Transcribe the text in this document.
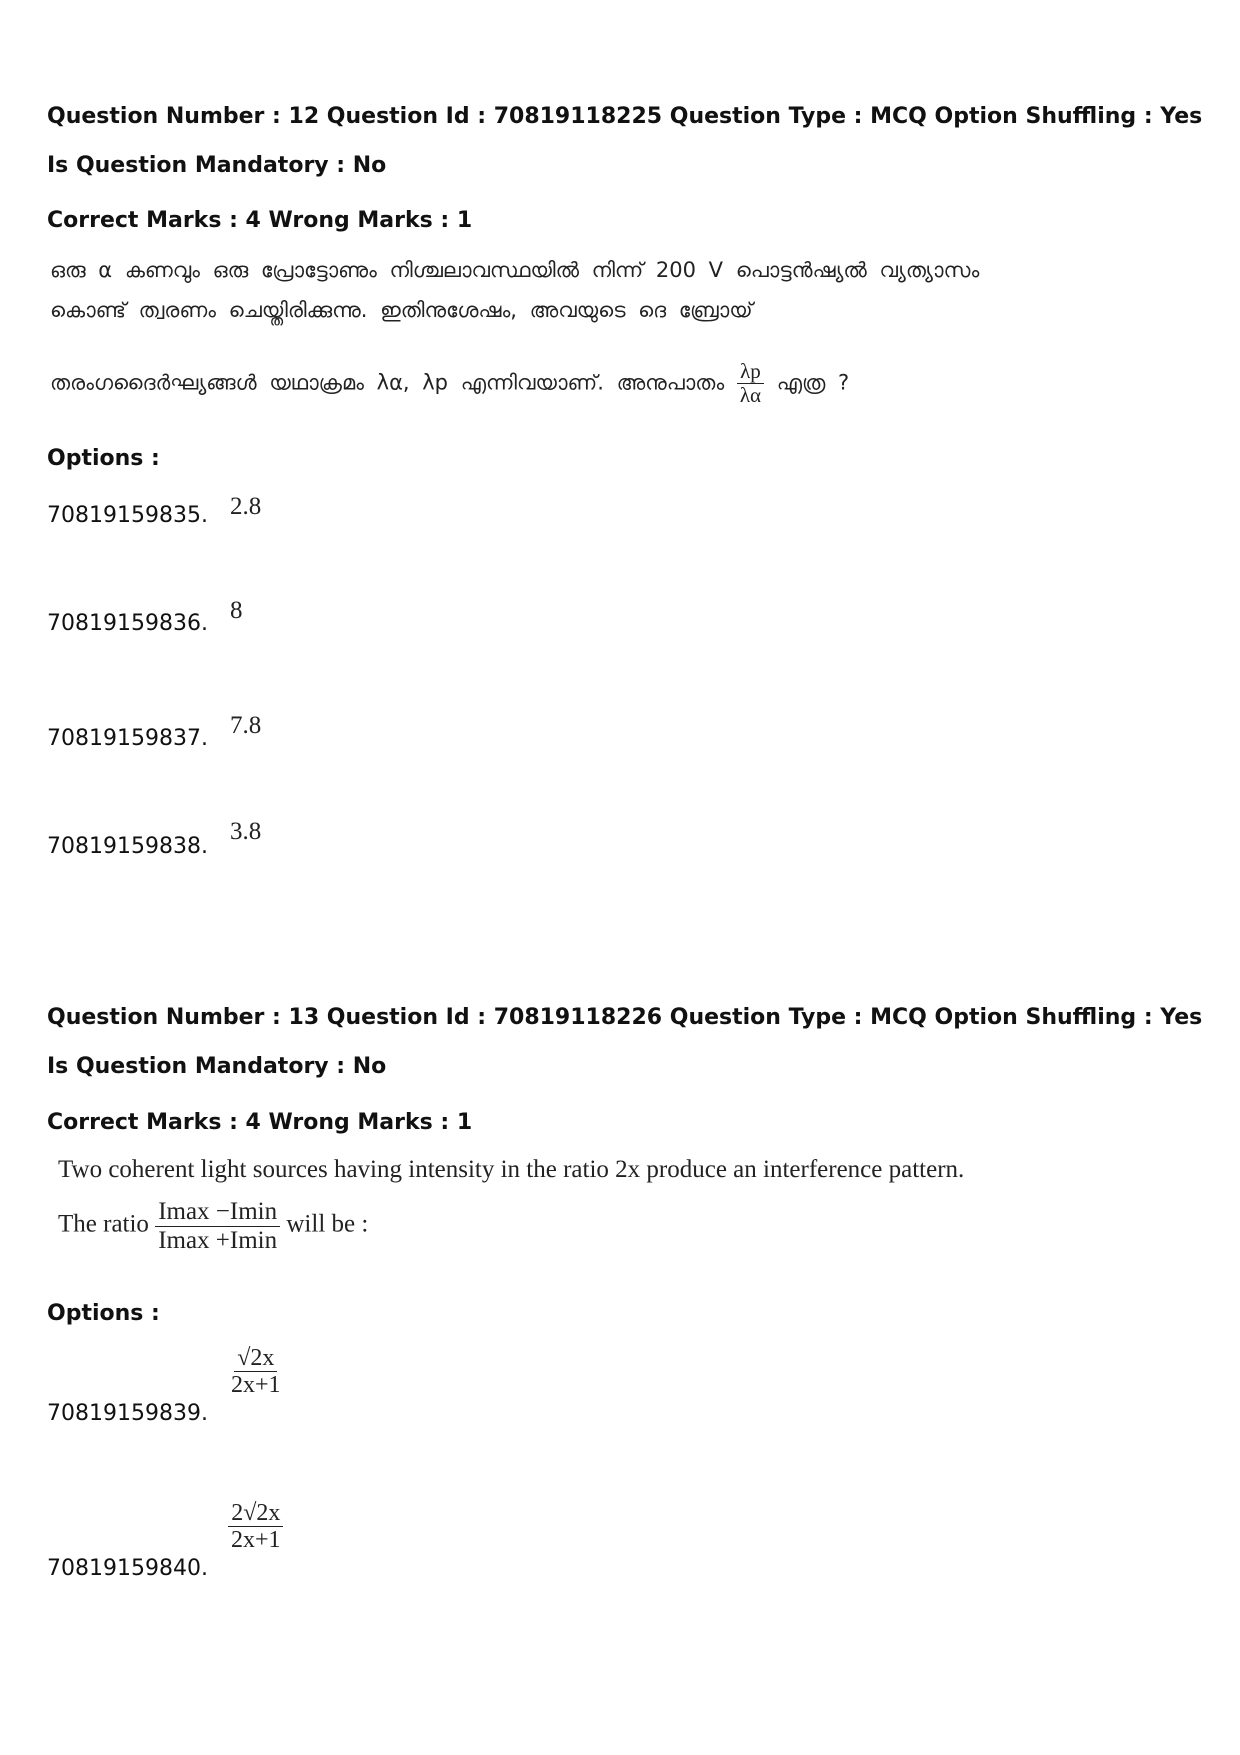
Question Number : 12 Question Id : 70819118225 Question Type : MCQ Option Shuffling : Yes
Is Question Mandatory : No
Correct Marks : 4 Wrong Marks : 1
ഒരു α കണവും ഒരു പ്രോട്ടോണും നിശ്ചലാവസ്ഥയിൽ നിന്ന് 200 V പൊട്ടൻഷ്യൽ വ്യത്യാസം
കൊണ്ട് ത്വരണം ചെയ്തിരിക്കുന്നു. ഇതിനുശേഷം, അവയുടെ ദെ ബ്രോയ്
തരംഗദൈർഘ്യങ്ങൾ യഥാക്രമം λα, λp എന്നിവയാണ്. അനുപാതം $\frac{\lambda p}{\lambda\alpha}$ എത്ര ?
Options :
70819159835. 2.8
70819159836. 8
70819159837. 7.8
70819159838.
3.8
Question Number : 13 Question Id : 70819118226 Question Type : MCQ Option Shuffling : Yes
Is Question Mandatory : No
Correct Marks : 4 Wrong Marks : 1
Two coherent light sources having intensity in the ratio 2x produce an interference pattern.
The ratio $\frac{Imax -Imin}{Imax +Imin}$ will be :
Options :
70819159839.
$\frac{√2x}{2x+1}$
70819159840.
$\frac{2√2x}{2x+1}$
